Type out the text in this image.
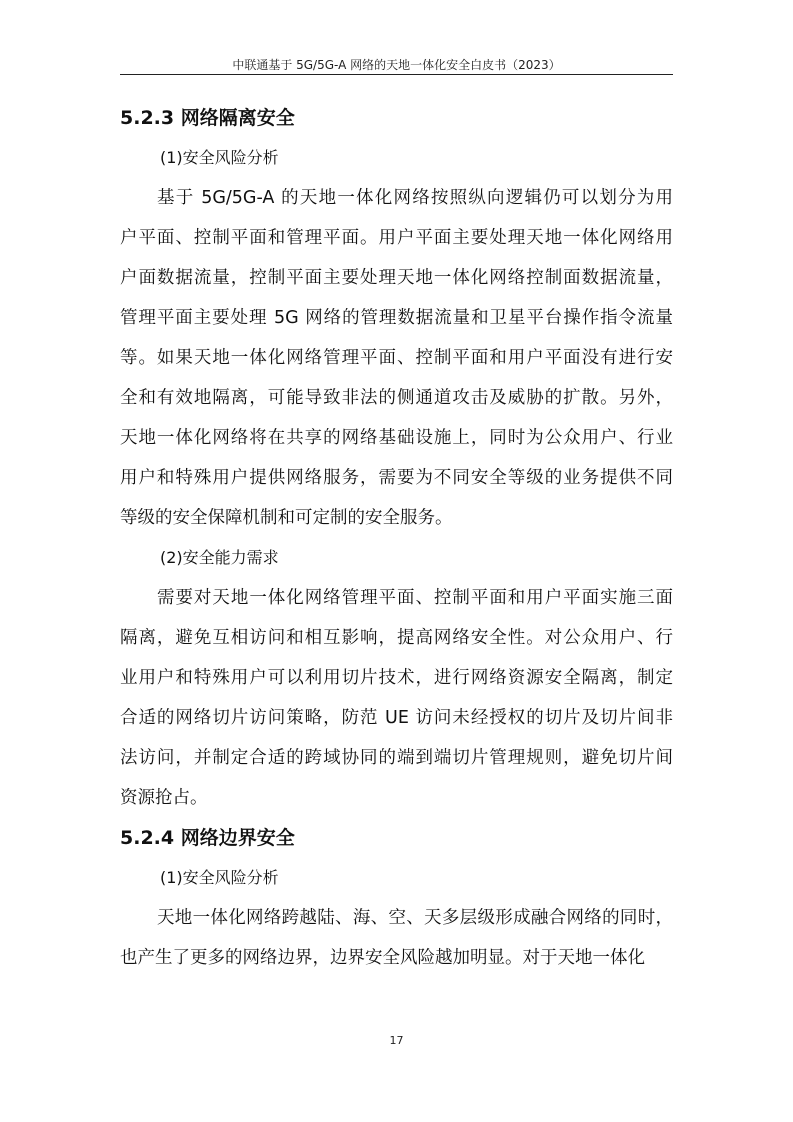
中联通基于 5G/5G-A 网络的天地一体化安全白皮书（2023）
5.2.3 网络隔离安全
(1)安全风险分析
基于 5G/5G-A 的天地一体化网络按照纵向逻辑仍可以划分为用
户平面、控制平面和管理平面。用户平面主要处理天地一体化网络用
户面数据流量，控制平面主要处理天地一体化网络控制面数据流量，
管理平面主要处理 5G 网络的管理数据流量和卫星平台操作指令流量
等。如果天地一体化网络管理平面、控制平面和用户平面没有进行安
全和有效地隔离，可能导致非法的侧通道攻击及威胁的扩散。另外，
天地一体化网络将在共享的网络基础设施上，同时为公众用户、行业
用户和特殊用户提供网络服务，需要为不同安全等级的业务提供不同
等级的安全保障机制和可定制的安全服务。
(2)安全能力需求
需要对天地一体化网络管理平面、控制平面和用户平面实施三面
隔离，避免互相访问和相互影响，提高网络安全性。对公众用户、行
业用户和特殊用户可以利用切片技术，进行网络资源安全隔离，制定
合适的网络切片访问策略，防范 UE 访问未经授权的切片及切片间非
法访问，并制定合适的跨域协同的端到端切片管理规则，避免切片间
资源抢占。
5.2.4 网络边界安全
(1)安全风险分析
天地一体化网络跨越陆、海、空、天多层级形成融合网络的同时，
也产生了更多的网络边界，边界安全风险越加明显。对于天地一体化
17
